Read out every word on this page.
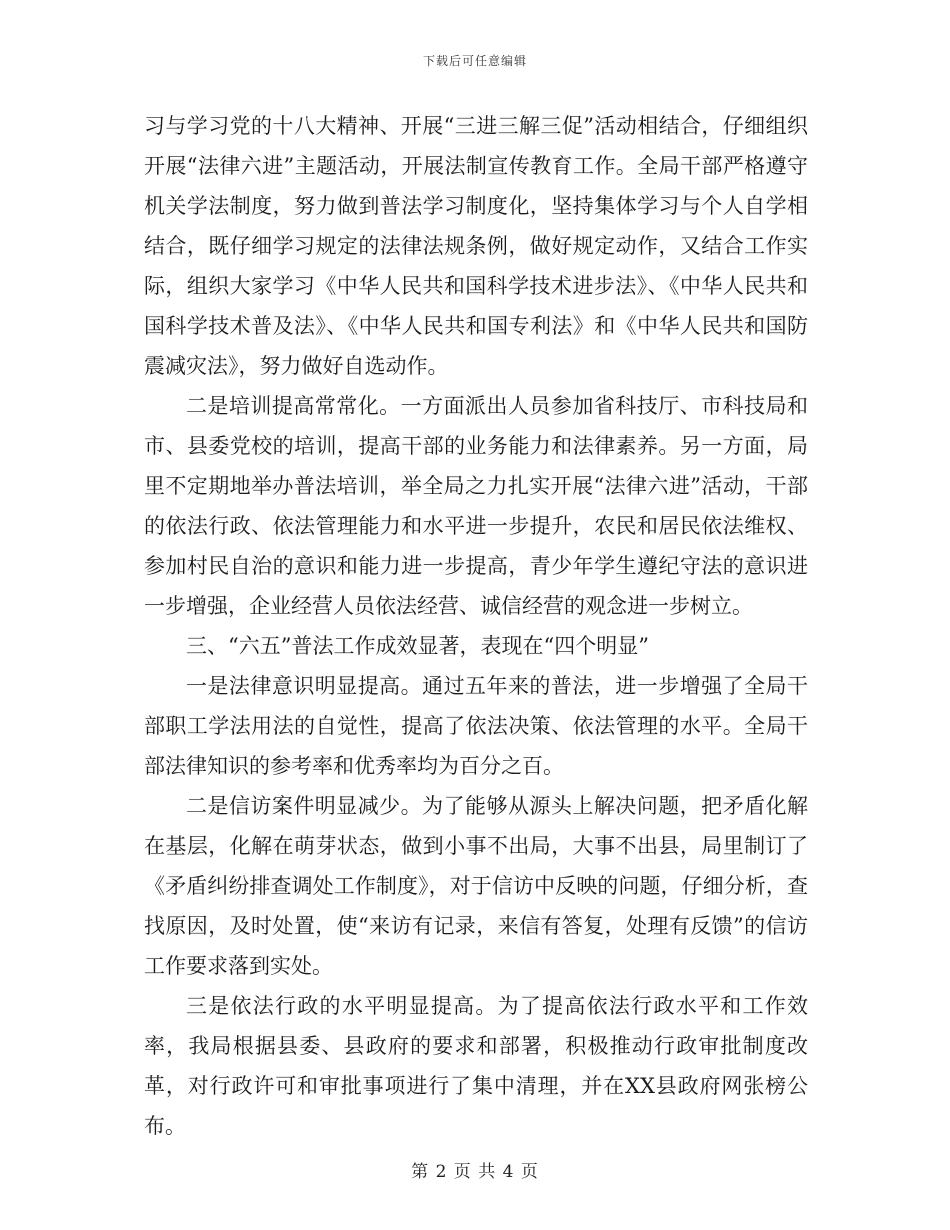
下载后可任意编辑

习与学习党的十八大精神、开展“三进三解三促”活动相结合，仔细组织开展“法律六进”主题活动，开展法制宣传教育工作。全局干部严格遵守机关学法制度，努力做到普法学习制度化，坚持集体学习与个人自学相结合，既仔细学习规定的法律法规条例，做好规定动作，又结合工作实际，组织大家学习《中华人民共和国科学技术进步法》、《中华人民共和国科学技术普及法》、《中华人民共和国专利法》和《中华人民共和国防震减灾法》，努力做好自选动作。

二是培训提高常常化。一方面派出人员参加省科技厅、市科技局和市、县委党校的培训，提高干部的业务能力和法律素养。另一方面，局里不定期地举办普法培训，举全局之力扎实开展“法律六进”活动，干部的依法行政、依法管理能力和水平进一步提升，农民和居民依法维权、参加村民自治的意识和能力进一步提高，青少年学生遵纪守法的意识进一步增强，企业经营人员依法经营、诚信经营的观念进一步树立。

三、“六五”普法工作成效显著，表现在“四个明显”

一是法律意识明显提高。通过五年来的普法，进一步增强了全局干部职工学法用法的自觉性，提高了依法决策、依法管理的水平。全局干部法律知识的参考率和优秀率均为百分之百。

二是信访案件明显减少。为了能够从源头上解决问题，把矛盾化解在基层，化解在萌芽状态，做到小事不出局，大事不出县，局里制订了《矛盾纠纷排查调处工作制度》，对于信访中反映的问题，仔细分析，查找原因，及时处置，使“来访有记录，来信有答复，处理有反馈”的信访工作要求落到实处。

三是依法行政的水平明显提高。为了提高依法行政水平和工作效率，我局根据县委、县政府的要求和部署，积极推动行政审批制度改革，对行政许可和审批事项进行了集中清理，并在XX县政府网张榜公布。

第 2 页 共 4 页
